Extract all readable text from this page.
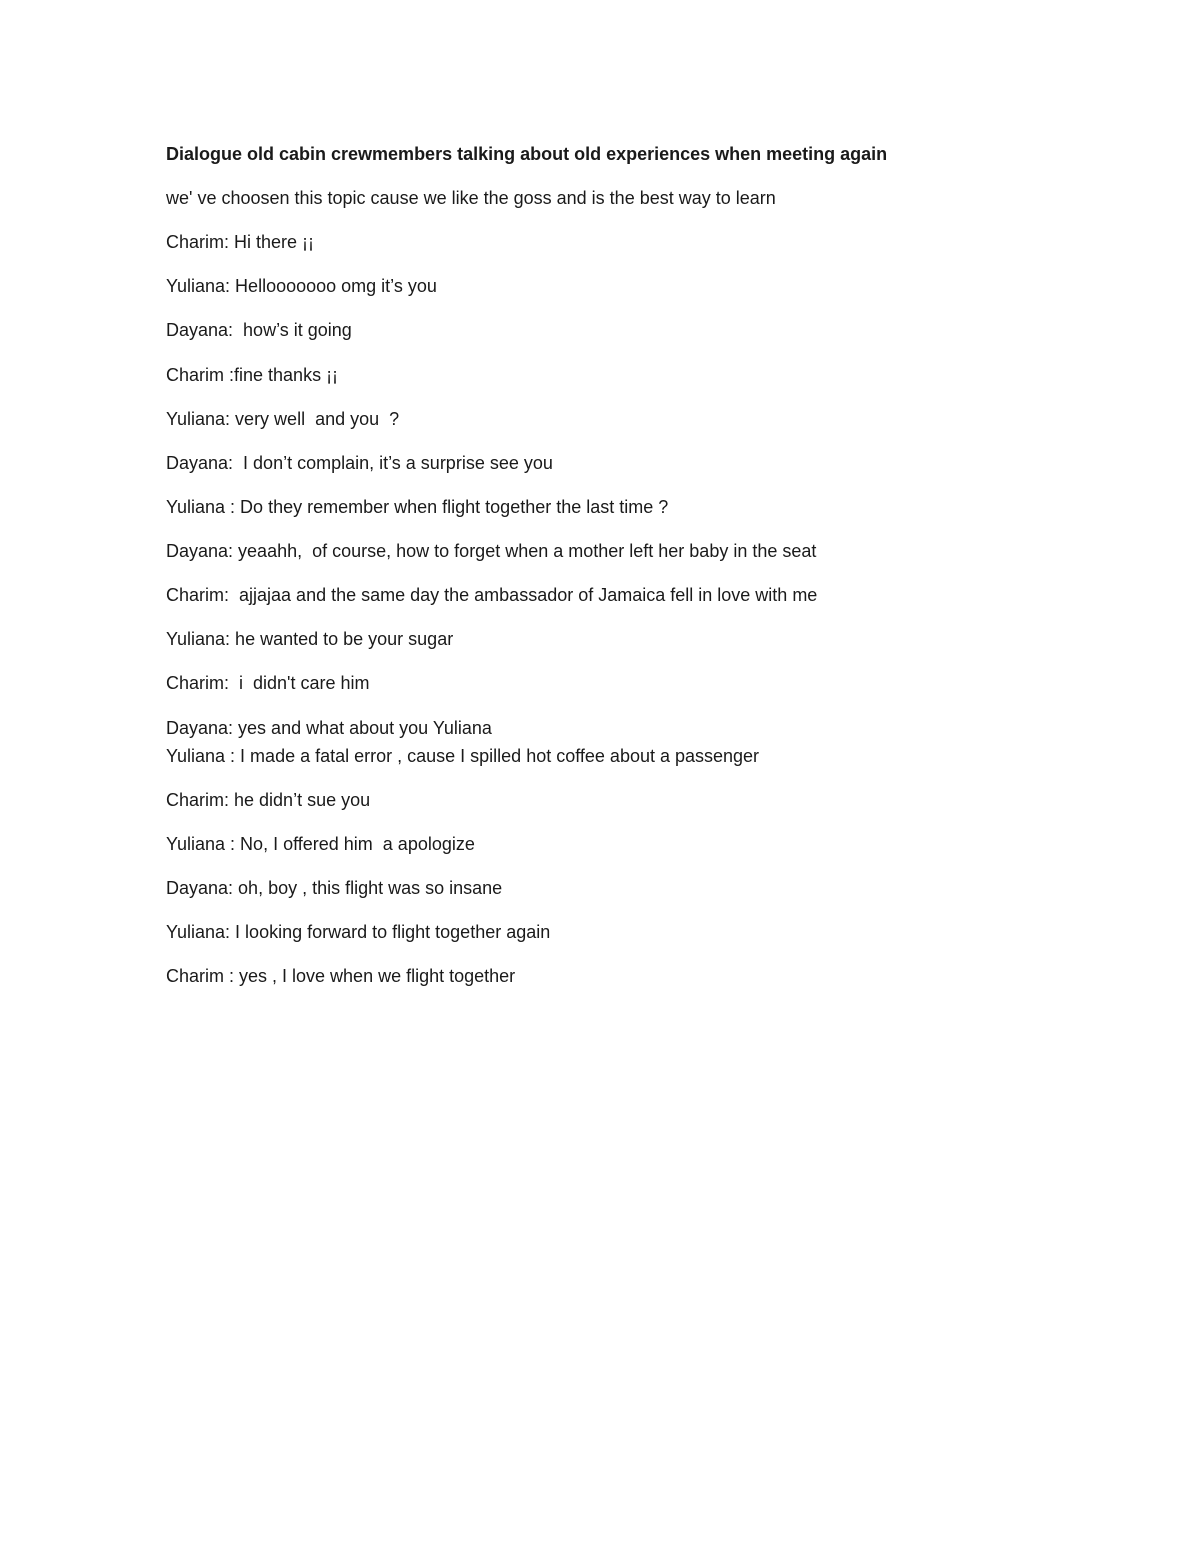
Dialogue old cabin crewmembers talking about old experiences when meeting again

we' ve choosen this topic cause we like the goss and is the best way to learn

Charim: Hi there ¡¡

Yuliana: Hellooooooo omg it’s you

Dayana:  how’s it going

Charim :fine thanks ¡¡

Yuliana: very well  and you  ?

Dayana:  I don’t complain, it’s a surprise see you

Yuliana : Do they remember when flight together the last time ?

Dayana: yeaahh,  of course, how to forget when a mother left her baby in the seat

Charim:  ajjajaa and the same day the ambassador of Jamaica fell in love with me

Yuliana: he wanted to be your sugar

Charim:  i  didn't care him

Dayana: yes and what about you Yuliana

Yuliana : I made a fatal error , cause I spilled hot coffee about a passenger

Charim: he didn’t sue you

Yuliana : No, I offered him  a apologize

Dayana: oh, boy , this flight was so insane

Yuliana: I looking forward to flight together again

Charim : yes , I love when we flight together
